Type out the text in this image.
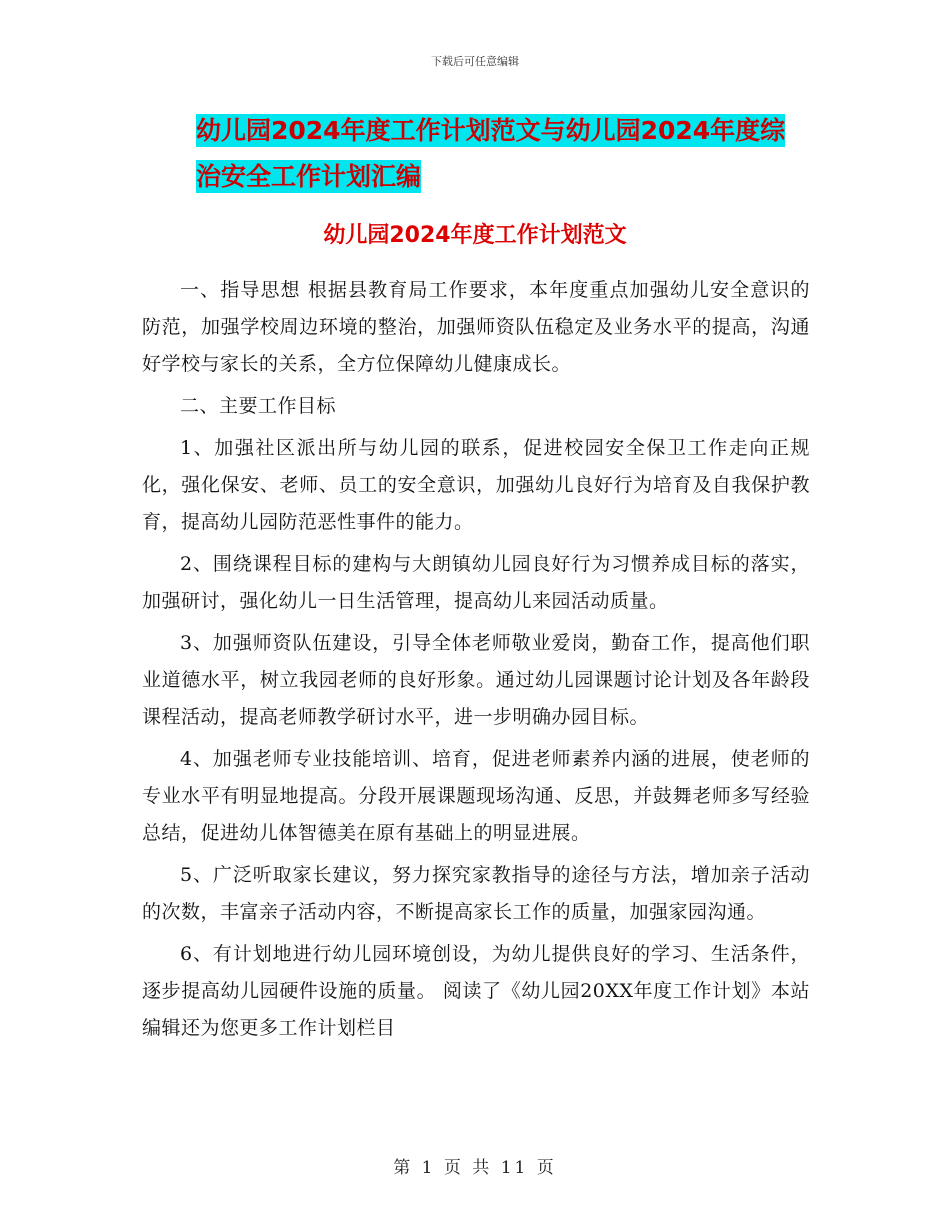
下载后可任意编辑
幼儿园2024年度工作计划范文与幼儿园2024年度综治安全工作计划汇编
幼儿园2024年度工作计划范文

一、指导思想 根据县教育局工作要求，本年度重点加强幼儿安全意识的防范，加强学校周边环境的整治，加强师资队伍稳定及业务水平的提高，沟通好学校与家长的关系，全方位保障幼儿健康成长。

二、主要工作目标

1、加强社区派出所与幼儿园的联系，促进校园安全保卫工作走向正规化，强化保安、老师、员工的安全意识，加强幼儿良好行为培育及自我保护教育，提高幼儿园防范恶性事件的能力。

2、围绕课程目标的建构与大朗镇幼儿园良好行为习惯养成目标的落实，加强研讨，强化幼儿一日生活管理，提高幼儿来园活动质量。

3、加强师资队伍建设，引导全体老师敬业爱岗，勤奋工作，提高他们职业道德水平，树立我园老师的良好形象。通过幼儿园课题讨论计划及各年龄段课程活动，提高老师教学研讨水平，进一步明确办园目标。

4、加强老师专业技能培训、培育，促进老师素养内涵的进展，使老师的专业水平有明显地提高。分段开展课题现场沟通、反思，并鼓舞老师多写经验总结，促进幼儿体智德美在原有基础上的明显进展。

5、广泛听取家长建议，努力探究家教指导的途径与方法，增加亲子活动的次数，丰富亲子活动内容，不断提高家长工作的质量，加强家园沟通。

6、有计划地进行幼儿园环境创设，为幼儿提供良好的学习、生活条件，逐步提高幼儿园硬件设施的质量。 阅读了《幼儿园20XX年度工作计划》本站编辑还为您更多工作计划栏目

第 1 页 共 11 页
